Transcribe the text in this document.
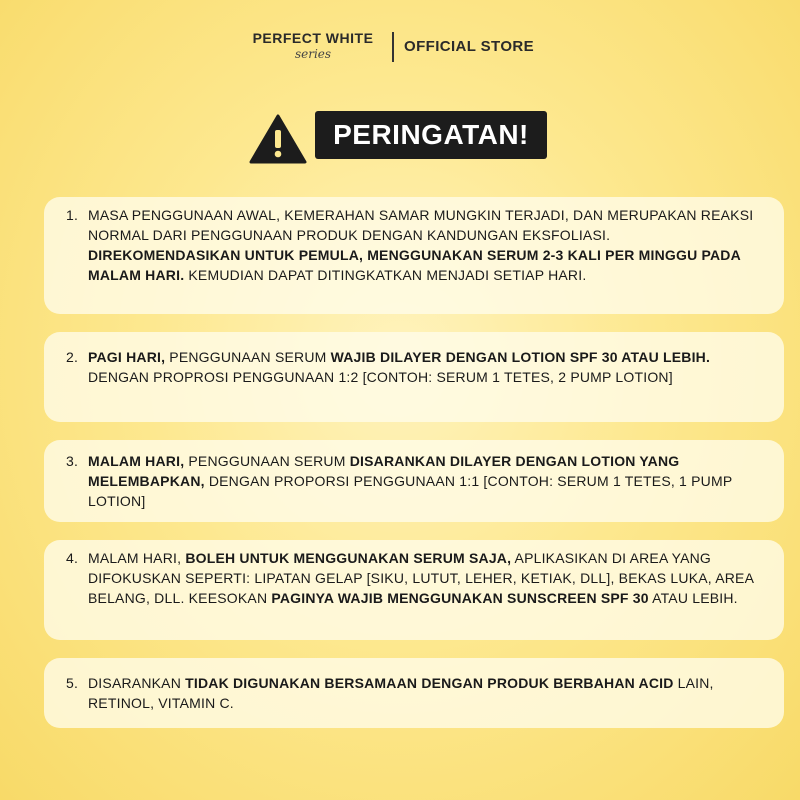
PERFECT WHITE
series	OFFICIAL STORE
PERINGATAN!
1. MASA PENGGUNAAN AWAL, KEMERAHAN SAMAR MUNGKIN TERJADI, DAN MERUPAKAN REAKSI NORMAL DARI PENGGUNAAN PRODUK DENGAN KANDUNGAN EKSFOLIASI. DIREKOMENDASIKAN UNTUK PEMULA, MENGGUNAKAN SERUM 2-3 KALI PER MINGGU PADA MALAM HARI. KEMUDIAN DAPAT DITINGKATKAN MENJADI SETIAP HARI.
2. PAGI HARI, PENGGUNAAN SERUM WAJIB DILAYER DENGAN LOTION SPF 30 ATAU LEBIH. DENGAN PROPROSI PENGGUNAAN 1:2 [CONTOH: SERUM 1 TETES, 2 PUMP LOTION]
3. MALAM HARI, PENGGUNAAN SERUM DISARANKAN DILAYER DENGAN LOTION YANG MELEMBAPKAN, DENGAN PROPORSI PENGGUNAAN 1:1 [CONTOH: SERUM 1 TETES, 1 PUMP LOTION]
4. MALAM HARI, BOLEH UNTUK MENGGUNAKAN SERUM SAJA, APLIKASIKAN DI AREA YANG DIFOKUSKAN SEPERTI: LIPATAN GELAP [SIKU, LUTUT, LEHER, KETIAK, DLL], BEKAS LUKA, AREA BELANG, DLL. KEESOKAN PAGINYA WAJIB MENGGUNAKAN SUNSCREEN SPF 30 ATAU LEBIH.
5. DISARANKAN TIDAK DIGUNAKAN BERSAMAAN DENGAN PRODUK BERBAHAN ACID LAIN, RETINOL, VITAMIN C.
